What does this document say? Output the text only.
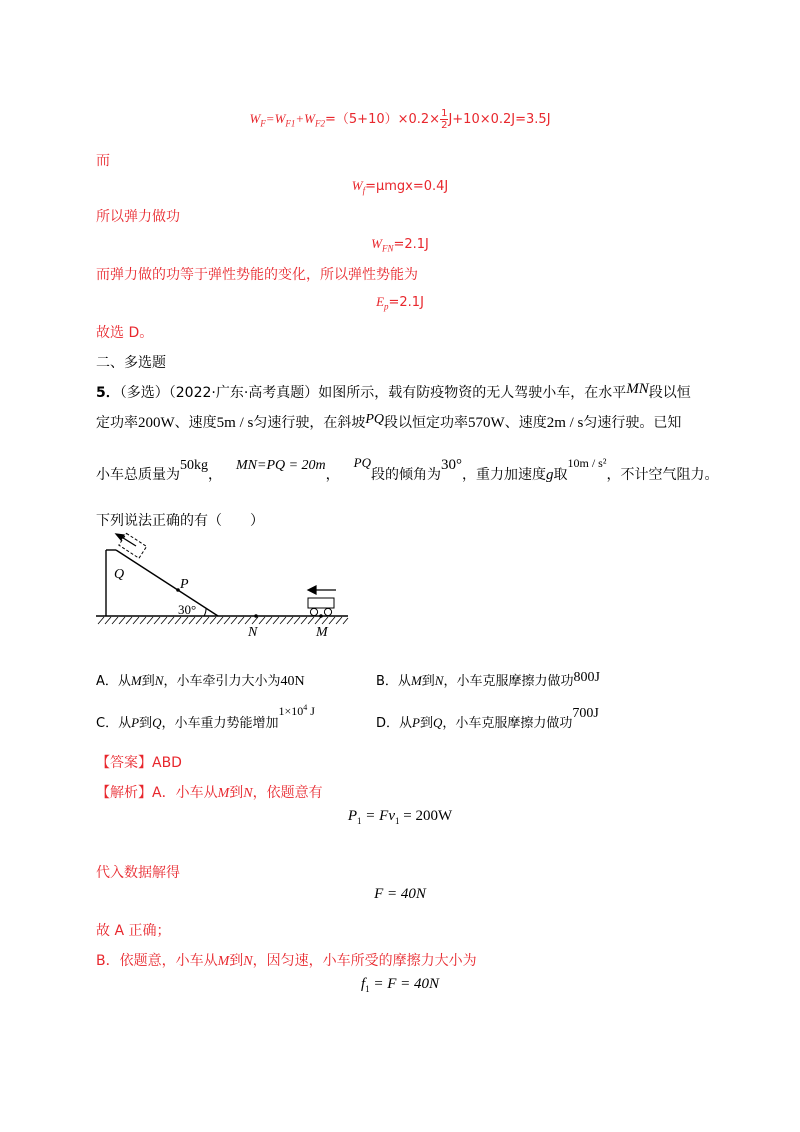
$W_F=W_{F1}+W_{F2}=(5+10)\times 0.2\times \frac{1}{2} J+10\times 0.2J=3.5J$
而
$W_f=\mu mgx=0.4J$
所以弹力做功
$W_{FN}=2.1J$
而弹力做的功等于弹性势能的变化，所以弹性势能为
$E_p=2.1J$
故选 D。
二、多选题
5．（多选）（2022·广东·高考真题）如图所示，载有防疫物资的无人驾驶小车，在水平MN段以恒
定功率200W、速度5m / s匀速行驶，在斜坡PQ段以恒定功率570W、速度2m / s匀速行驶。已知
小车总质量为50kg，MN=PQ = 20m，PQ段的倾角为30°，重力加速度g取10m / s²，不计空气阻力。
下列说法正确的有（　　）
Q
P
30°
N	M
A．从M到N，小车牵引力大小为40N	B．从M到N，小车克服摩擦力做功800J
C．从P到Q，小车重力势能增加$1\times 10^4$ J
D．从P到Q，小车克服摩擦力做功700J
【答案】ABD
【解析】A．小车从M到N，依题意有
$P_1 = Fv_1 = 200W$
代入数据解得
F = 40N
故 A 正确；
B．依题意，小车从M到N，因匀速，小车所受的摩擦力大小为
$f_1 = F = 40N$
